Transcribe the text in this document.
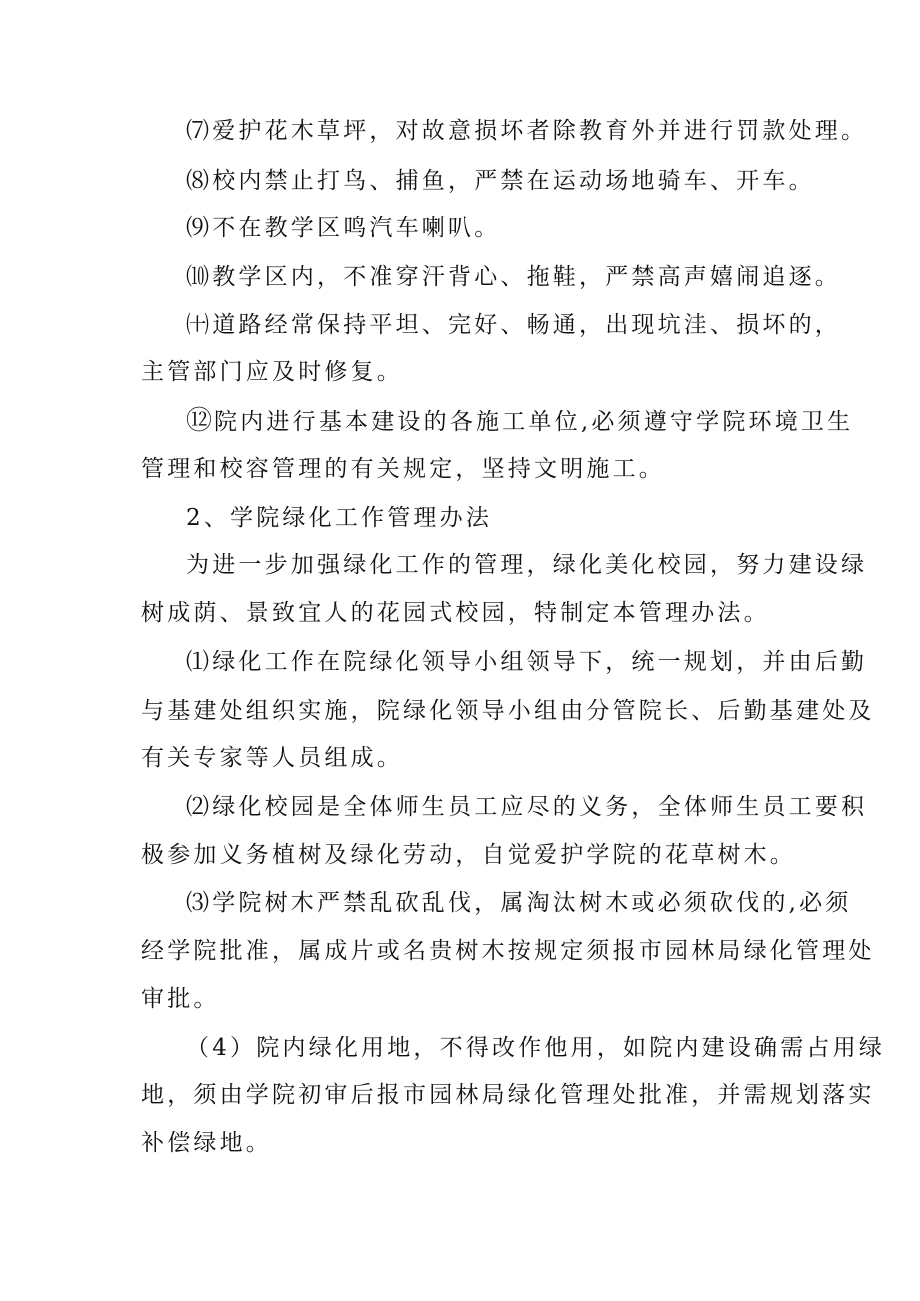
⑺爱护花木草坪，对故意损坏者除教育外并进行罚款处理。
⑻校内禁止打鸟、捕鱼，严禁在运动场地骑车、开车。
⑼不在教学区鸣汽车喇叭。
⑽教学区内，不准穿汗背心、拖鞋，严禁高声嬉闹追逐。
㈩道路经常保持平坦、完好、畅通，出现坑洼、损坏的，
主管部门应及时修复。
⑫院内进行基本建设的各施工单位,必须遵守学院环境卫生
管理和校容管理的有关规定，坚持文明施工。
2、学院绿化工作管理办法
为进一步加强绿化工作的管理，绿化美化校园，努力建设绿
树成荫、景致宜人的花园式校园，特制定本管理办法。
⑴绿化工作在院绿化领导小组领导下，统一规划，并由后勤
与基建处组织实施，院绿化领导小组由分管院长、后勤基建处及
有关专家等人员组成。
⑵绿化校园是全体师生员工应尽的义务，全体师生员工要积
极参加义务植树及绿化劳动，自觉爱护学院的花草树木。
⑶学院树木严禁乱砍乱伐，属淘汰树木或必须砍伐的,必须
经学院批准，属成片或名贵树木按规定须报市园林局绿化管理处
审批。
（4）院内绿化用地，不得改作他用，如院内建设确需占用绿
地，须由学院初审后报市园林局绿化管理处批准，并需规划落实
补偿绿地。
